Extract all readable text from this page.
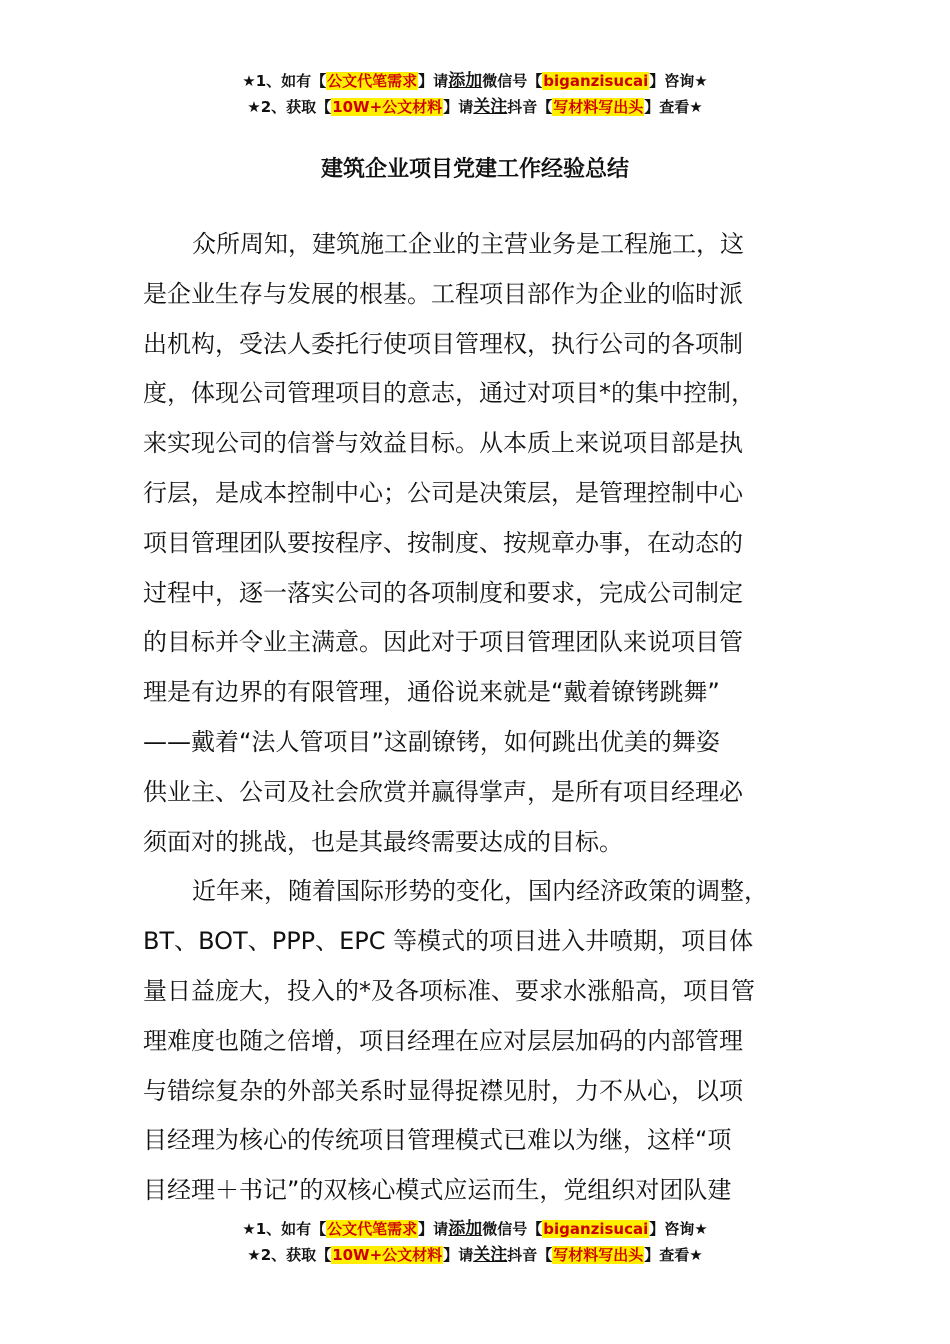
★1、如有【公文代笔需求】请添加微信号【biganzisucai】咨询★
★2、获取【10W+公文材料】请关注抖音【写材料写出头】查看★
建筑企业项目党建工作经验总结
众所周知，建筑施工企业的主营业务是工程施工，这
是企业生存与发展的根基。工程项目部作为企业的临时派
出机构，受法人委托行使项目管理权，执行公司的各项制
度，体现公司管理项目的意志，通过对项目*的集中控制，
来实现公司的信誉与效益目标。从本质上来说项目部是执
行层，是成本控制中心；公司是决策层，是管理控制中心
项目管理团队要按程序、按制度、按规章办事，在动态的
过程中，逐一落实公司的各项制度和要求，完成公司制定
的目标并令业主满意。因此对于项目管理团队来说项目管
理是有边界的有限管理，通俗说来就是“戴着镣铐跳舞”
——戴着“法人管项目”这副镣铐，如何跳出优美的舞姿
供业主、公司及社会欣赏并赢得掌声，是所有项目经理必
须面对的挑战，也是其最终需要达成的目标。
近年来，随着国际形势的变化，国内经济政策的调整，
BT、BOT、PPP、EPC 等模式的项目进入井喷期，项目体
量日益庞大，投入的*及各项标准、要求水涨船高，项目管
理难度也随之倍增，项目经理在应对层层加码的内部管理
与错综复杂的外部关系时显得捉襟见肘，力不从心，以项
目经理为核心的传统项目管理模式已难以为继，这样“项
目经理＋书记”的双核心模式应运而生，党组织对团队建
★1、如有【公文代笔需求】请添加微信号【biganzisucai】咨询★
★2、获取【10W+公文材料】请关注抖音【写材料写出头】查看★
